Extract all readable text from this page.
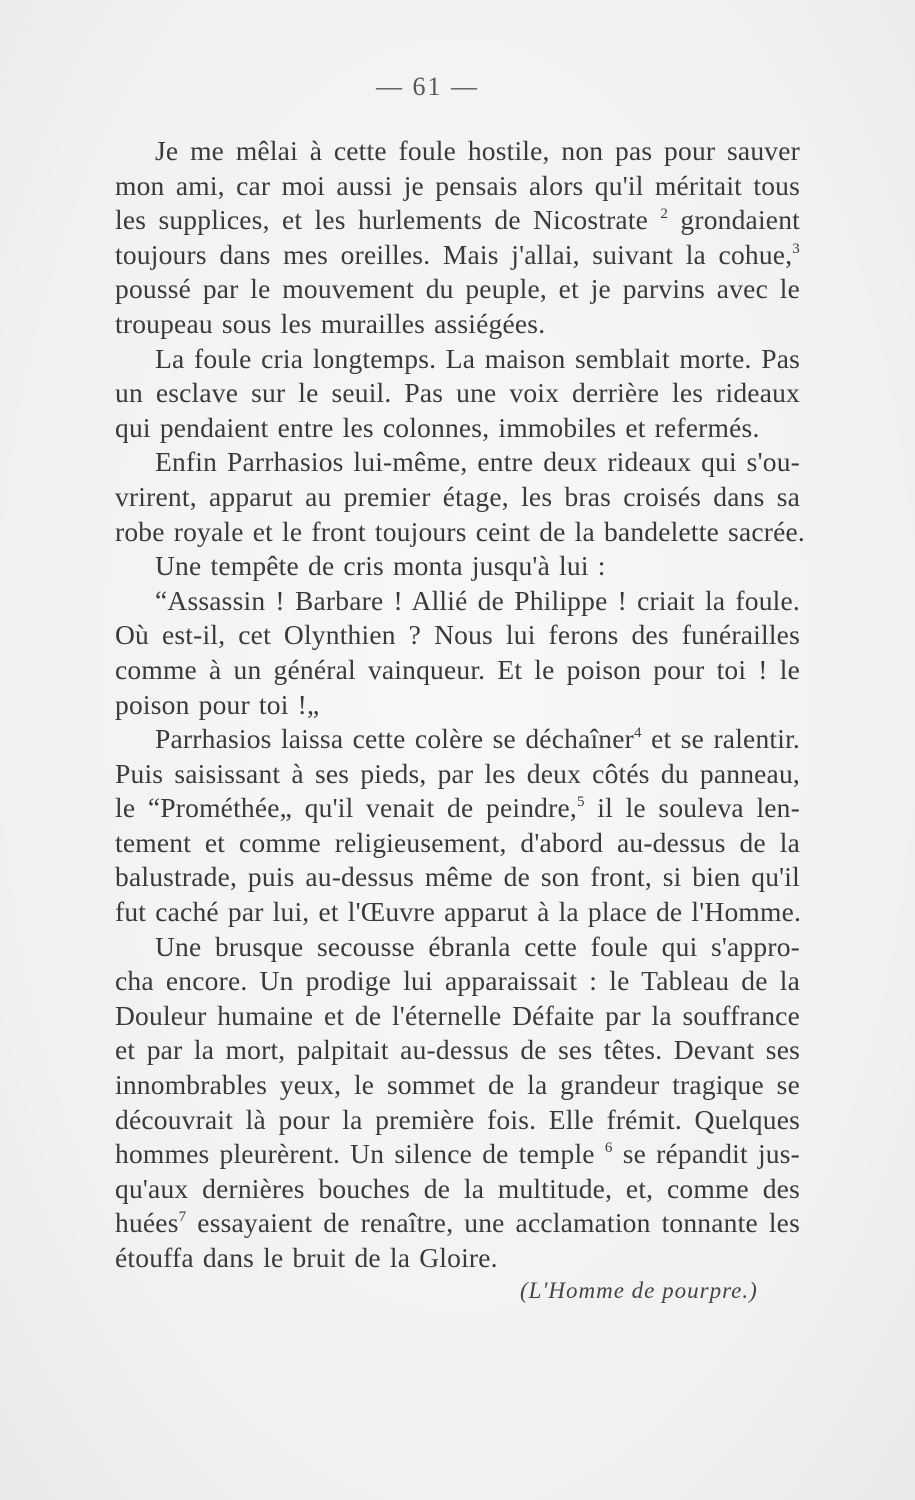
— 61 —

Je me mêlai à cette foule hostile, non pas pour sauver
mon ami, car moi aussi je pensais alors qu'il méritait tous
les supplices, et les hurlements de Nicostrate $^2$ grondaient
toujours dans mes oreilles. Mais j'allai, suivant la cohue,$^3$
poussé par le mouvement du peuple, et je parvins avec le
troupeau sous les murailles assiégées.

La foule cria longtemps. La maison semblait morte. Pas
un esclave sur le seuil. Pas une voix derrière les rideaux
qui pendaient entre les colonnes, immobiles et refermés.

Enfin Parrhasios lui-même, entre deux rideaux qui s'ou-
vrirent, apparut au premier étage, les bras croisés dans sa
robe royale et le front toujours ceint de la bandelette sacrée.

Une tempête de cris monta jusqu'à lui :

“Assassin ! Barbare ! Allié de Philippe ! criait la foule.
Où est-il, cet Olynthien ? Nous lui ferons des funérailles
comme à un général vainqueur. Et le poison pour toi ! le
poison pour toi !„

Parrhasios laissa cette colère se déchaîner$^4$ et se ralentir.
Puis saisissant à ses pieds, par les deux côtés du panneau,
le “Prométhée„ qu'il venait de peindre,$^5$ il le souleva len-
tement et comme religieusement, d'abord au-dessus de la
balustrade, puis au-dessus même de son front, si bien qu'il
fut caché par lui, et l'Œuvre apparut à la place de l'Homme.

Une brusque secousse ébranla cette foule qui s'appro-
cha encore. Un prodige lui apparaissait : le Tableau de la
Douleur humaine et de l'éternelle Défaite par la souffrance
et par la mort, palpitait au-dessus de ses têtes. Devant ses
innombrables yeux, le sommet de la grandeur tragique se
découvrait là pour la première fois. Elle frémit. Quelques
hommes pleurèrent. Un silence de temple $^6$ se répandit jus-
qu'aux dernières bouches de la multitude, et, comme des
huées$^7$ essayaient de renaître, une acclamation tonnante les
étouffa dans le bruit de la Gloire.

(L'Homme de pourpre.)
